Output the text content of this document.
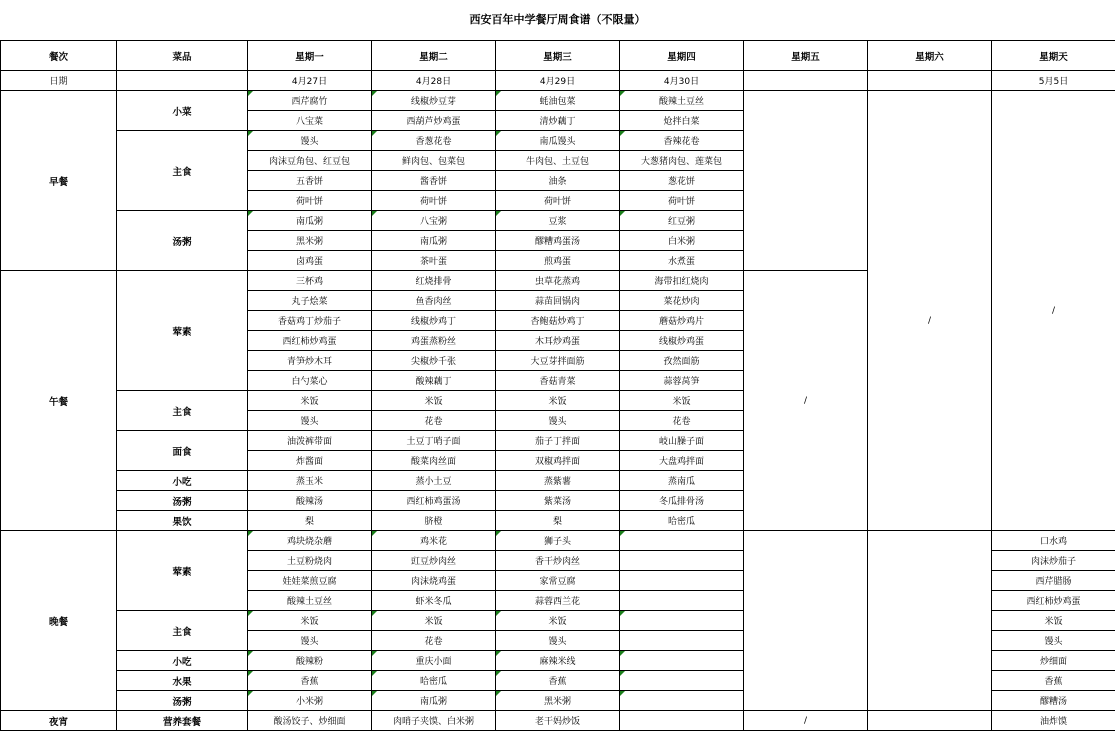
西安百年中学餐厅周食谱（不限量）
餐次	菜品	星期一	星期二	星期三	星期四	星期五	星期六	星期天
日期		4月27日	4月28日	4月29日	4月30日			5月5日
早餐	小菜	西芹腐竹	线椒炒豆芽	蚝油包菜	酸辣土豆丝		/	/
		八宝菜	西葫芦炒鸡蛋	清炒藕丁	炝拌白菜			
	主食	馒头	香葱花卷	南瓜馒头	香辣花卷			
		肉沫豆角包、红豆包	鲜肉包、包菜包	牛肉包、土豆包	大葱猪肉包、莲菜包			
		五香饼	酱香饼	油条	葱花饼			
		荷叶饼	荷叶饼	荷叶饼	荷叶饼			
	汤粥	南瓜粥	八宝粥	豆浆	红豆粥			
		黑米粥	南瓜粥	醪糟鸡蛋汤	白米粥			
		卤鸡蛋	茶叶蛋	煎鸡蛋	水煮蛋			
午餐	荤素	三杯鸡	红烧排骨	虫草花蒸鸡	海带扣红烧肉	/		
		丸子烩菜	鱼香肉丝	蒜苗回锅肉	菜花炒肉			
		香菇鸡丁炒茄子	线椒炒鸡丁	杏鲍菇炒鸡丁	蘑菇炒鸡片			
		西红柿炒鸡蛋	鸡蛋蒸粉丝	木耳炒鸡蛋	线椒炒鸡蛋			
		青笋炒木耳	尖椒炒千张	大豆芽拌面筋	孜然面筋			
		白勺菜心	酸辣藕丁	香菇青菜	蒜蓉莴笋			
	主食	米饭	米饭	米饭	米饭			
		馒头	花卷	馒头	花卷			
	面食	油泼裤带面	土豆丁哨子面	茄子丁拌面	岐山臊子面			
		炸酱面	酸菜肉丝面	双椒鸡拌面	大盘鸡拌面			
	小吃	蒸玉米	蒸小土豆	蒸紫薯	蒸南瓜			
	汤粥	酸辣汤	西红柿鸡蛋汤	紫菜汤	冬瓜排骨汤			
	果饮	梨	脐橙	梨	哈密瓜			
晚餐	荤素	鸡块烧杂蘑	鸡米花	狮子头				口水鸡
		土豆粉烧肉	豇豆炒肉丝	香干炒肉丝				肉沫炒茄子
		娃娃菜煎豆腐	肉沫烧鸡蛋	家常豆腐				西芹腊肠
		酸辣土豆丝	虾米冬瓜	蒜蓉西兰花				西红柿炒鸡蛋
	主食	米饭	米饭	米饭				米饭
		馒头	花卷	馒头				馒头
	小吃	酸辣粉	重庆小面	麻辣米线				炒细面
	水果	香蕉	哈密瓜	香蕉				香蕉
	汤粥	小米粥	南瓜粥	黑米粥				醪糟汤
夜宵	营养套餐	酸汤饺子、炒细面	肉哨子夹馍、白米粥	老干妈炒饭		/		油炸馍
